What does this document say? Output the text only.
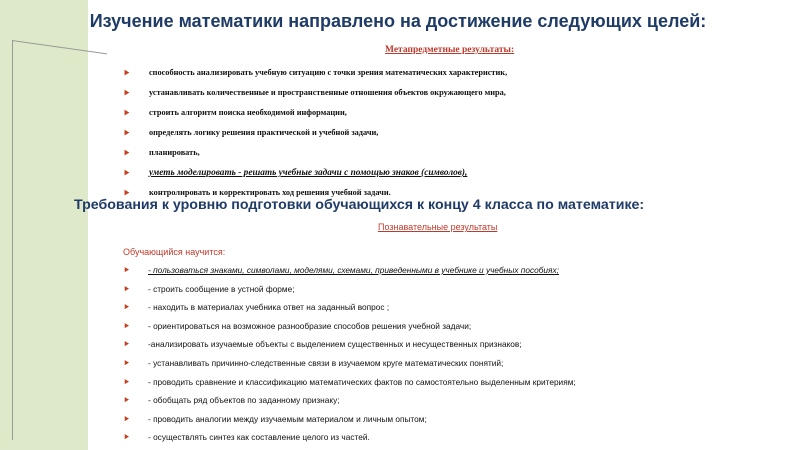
Изучение математики направлено на достижение следующих целей:
Метапредметные результаты:
⯈ способность анализировать учебную ситуацию с точки зрения математических характеристик,
⯈ устанавливать количественные и пространственные отношения объектов окружающего мира,
⯈ строить алгоритм поиска необходимой информации,
⯈ определять логику решения практической и учебной задачи,
⯈ планировать,
⯈ уметь моделировать - решать учебные задачи с помощью знаков (символов),
⯈ контролировать и корректировать ход решения учебной задачи.
Требования к уровню подготовки обучающихся к концу 4 класса по математике:
Познавательные результаты
Обучающийся научится:
⯈ - пользоваться знаками, символами, моделями, схемами, приведенными в учебнике и учебных пособиях;
⯈ - строить сообщение в устной форме;
⯈ - находить в материалах учебника ответ на заданный вопрос ;
⯈ - ориентироваться на возможное разнообразие способов решения учебной задачи;
⯈ -анализировать изучаемые объекты с выделением существенных и несущественных признаков;
⯈ - устанавливать причинно-следственные связи в изучаемом круге математических понятий;
⯈ - проводить сравнение и классификацию математических фактов по самостоятельно выделенным критериям;
⯈ - обобщать ряд объектов по заданному признаку;
⯈ - проводить аналогии между изучаемым материалом и личным опытом;
⯈ - осуществлять синтез как составление целого из частей.
